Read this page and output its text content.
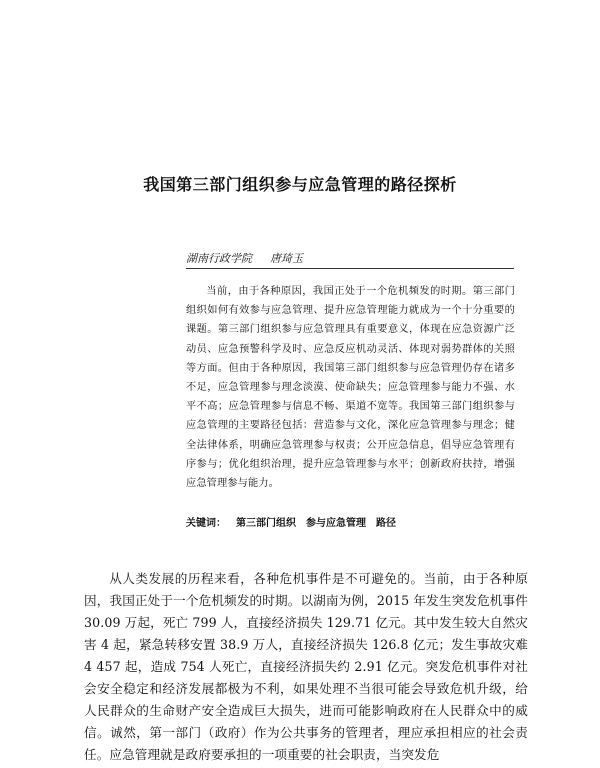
我国第三部门组织参与应急管理的路径探析
湖南行政学院 唐琦玉
当前，由于各种原因，我国正处于一个危机频发的时期。第三部门组织如何有效参与应急管理、提升应急管理能力就成为一个十分重要的课题。第三部门组织参与应急管理具有重要意义，体现在应急资源广泛动员、应急预警科学及时、应急反应机动灵活、体现对弱势群体的关照等方面。但由于各种原因，我国第三部门组织参与应急管理仍存在诸多不足，应急管理参与理念淡漠、使命缺失；应急管理参与能力不强、水平不高；应急管理参与信息不畅、渠道不宽等。我国第三部门组织参与应急管理的主要路径包括：营造参与文化，深化应急管理参与理念；健全法律体系，明确应急管理参与权责；公开应急信息，倡导应急管理有序参与；优化组织治理，提升应急管理参与水平；创新政府扶持，增强应急管理参与能力。
关键词： 第三部门组织 参与应急管理 路径
从人类发展的历程来看，各种危机事件是不可避免的。当前，由于各种原因，我国正处于一个危机频发的时期。以湖南为例，2015 年发生突发危机事件 30.09 万起，死亡 799 人，直接经济损失 129.71 亿元。其中发生较大自然灾害 4 起，紧急转移安置 38.9 万人，直接经济损失 126.8 亿元；发生事故灾难 4 457 起，造成 754 人死亡，直接经济损失约 2.91 亿元。突发危机事件对社会安全稳定和经济发展都极为不利，如果处理不当很可能会导致危机升级，给人民群众的生命财产安全造成巨大损失，进而可能影响政府在人民群众中的威信。诚然，第一部门（政府）作为公共事务的管理者，理应承担相应的社会责任。应急管理就是政府要承担的一项重要的社会职责，当突发危
